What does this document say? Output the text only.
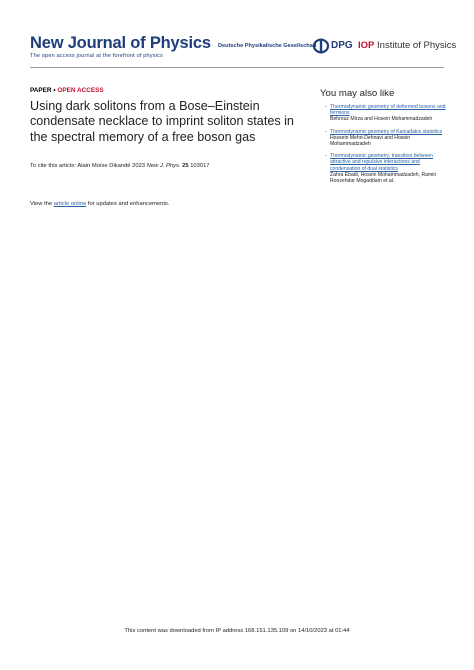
New Journal of Physics
The open access journal at the forefront of physics
Deutsche Physikalische Gesellschaft DPG IOP Institute of Physics
PAPER • OPEN ACCESS
Using dark solitons from a Bose–Einstein condensate necklace to imprint soliton states in the spectral memory of a free boson gas
To cite this article: Alain Moïse Dikandé 2023 New J. Phys. 25 103017
View the article online for updates and enhancements.
You may also like
- Thermodynamic geometry of deformed bosons and fermions
Behrouz Mirza and Hosein Mohammadzadeh
- Thermodynamic geometry of Kaniadakis statistics
Hossein Mehri-Dehnavi and Hosein Mohammadzadeh
- Thermodynamic geometry, transition between attractive and repulsive interactions and condensation of dual statistics
Zahra Ebadi, Hosein Mohammadzadeh, Ramin Roozehdar Mogaddam et al.
This content was downloaded from IP address 168.151.135.109 on 14/10/2023 at 01:44
